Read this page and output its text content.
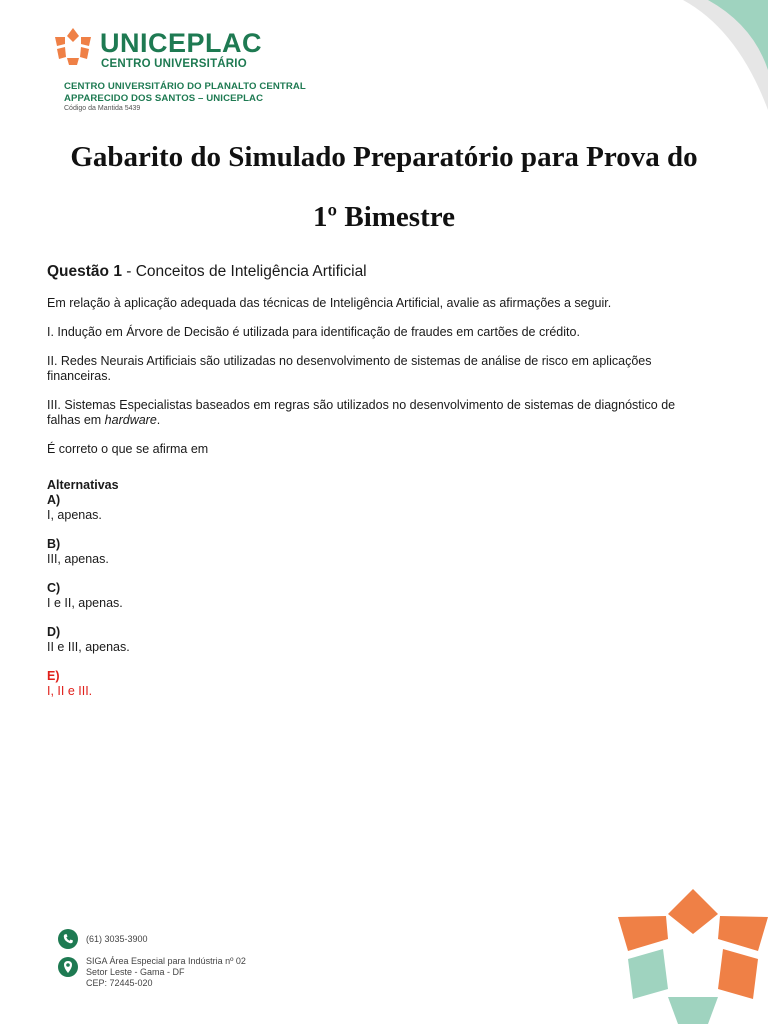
UNICEPLAC
CENTRO UNIVERSITÁRIO
CENTRO UNIVERSITÁRIO DO PLANALTO CENTRAL
APPARECIDO DOS SANTOS – UNICEPLAC
Código da Mantida 5439
Gabarito do Simulado Preparatório para Prova do
1º Bimestre

Questão 1 - Conceitos de Inteligência Artificial

Em relação à aplicação adequada das técnicas de Inteligência Artificial, avalie as afirmações a seguir.

I. Indução em Árvore de Decisão é utilizada para identificação de fraudes em cartões de crédito.

II. Redes Neurais Artificiais são utilizadas no desenvolvimento de sistemas de análise de risco em aplicações financeiras.

III. Sistemas Especialistas baseados em regras são utilizados no desenvolvimento de sistemas de diagnóstico de falhas em hardware.

É correto o que se afirma em

Alternativas

A)
I, apenas.
B)
III, apenas.
C)
I e II, apenas.
D)
II e III, apenas.
E)
I, II e III.
(61) 3035-3900
SIGA Área Especial para Indústria nº 02
Setor Leste - Gama - DF
CEP: 72445-020
